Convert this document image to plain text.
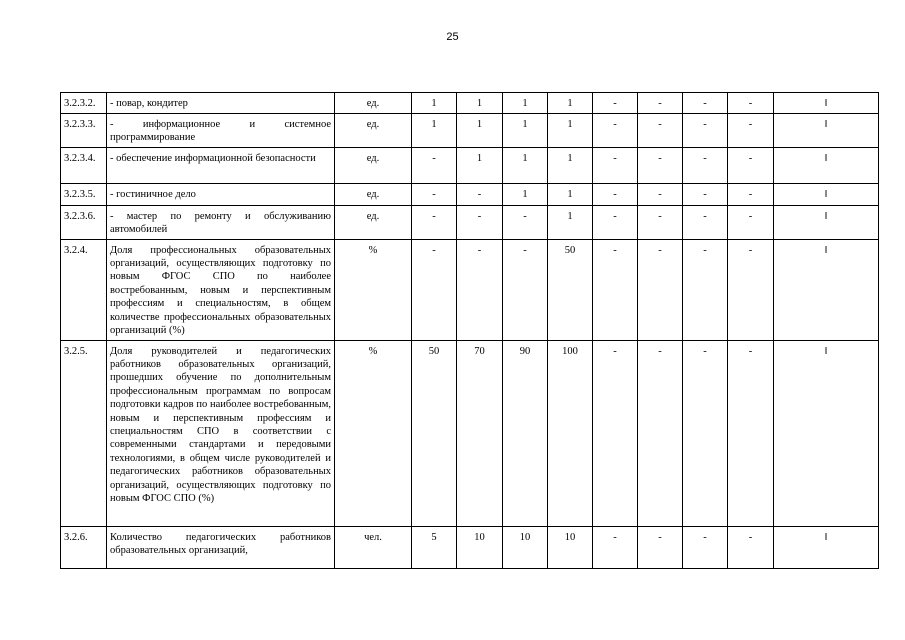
25
3.2.3.2.	- повар, кондитер	ед.	1	1	1	1	-	-	-	-	I
3.2.3.3.	- информационное и системное программирование	ед.	1	1	1	1	-	-	-	-	I
3.2.3.4.	- обеспечение информационной безопасности	ед.	-	1	1	1	-	-	-	-	I
3.2.3.5.	- гостиничное дело	ед.	-	-	1	1	-	-	-	-	I
3.2.3.6.	- мастер по ремонту и обслуживанию автомобилей	ед.	-	-	-	1	-	-	-	-	I
3.2.4.	Доля профессиональных образовательных организаций, осуществляющих подготовку по новым ФГОС СПО по наиболее востребованным, новым и перспективным профессиям и специальностям, в общем количестве профессиональных образовательных организаций (%)	%	-	-	-	50	-	-	-	-	I
3.2.5.	Доля руководителей и педагогических работников образовательных организаций, прошедших обучение по дополнительным профессиональным программам по вопросам подготовки кадров по наиболее востребованным, новым и перспективным профессиям и специальностям СПО в соответствии с современными стандартами и передовыми технологиями, в общем числе руководителей и педагогических работников образовательных организаций, осуществляющих подготовку по новым ФГОС СПО (%)	%	50	70	90	100	-	-	-	-	I
3.2.6.	Количество педагогических работников образовательных организаций,	чел.	5	10	10	10	-	-	-	-	I
